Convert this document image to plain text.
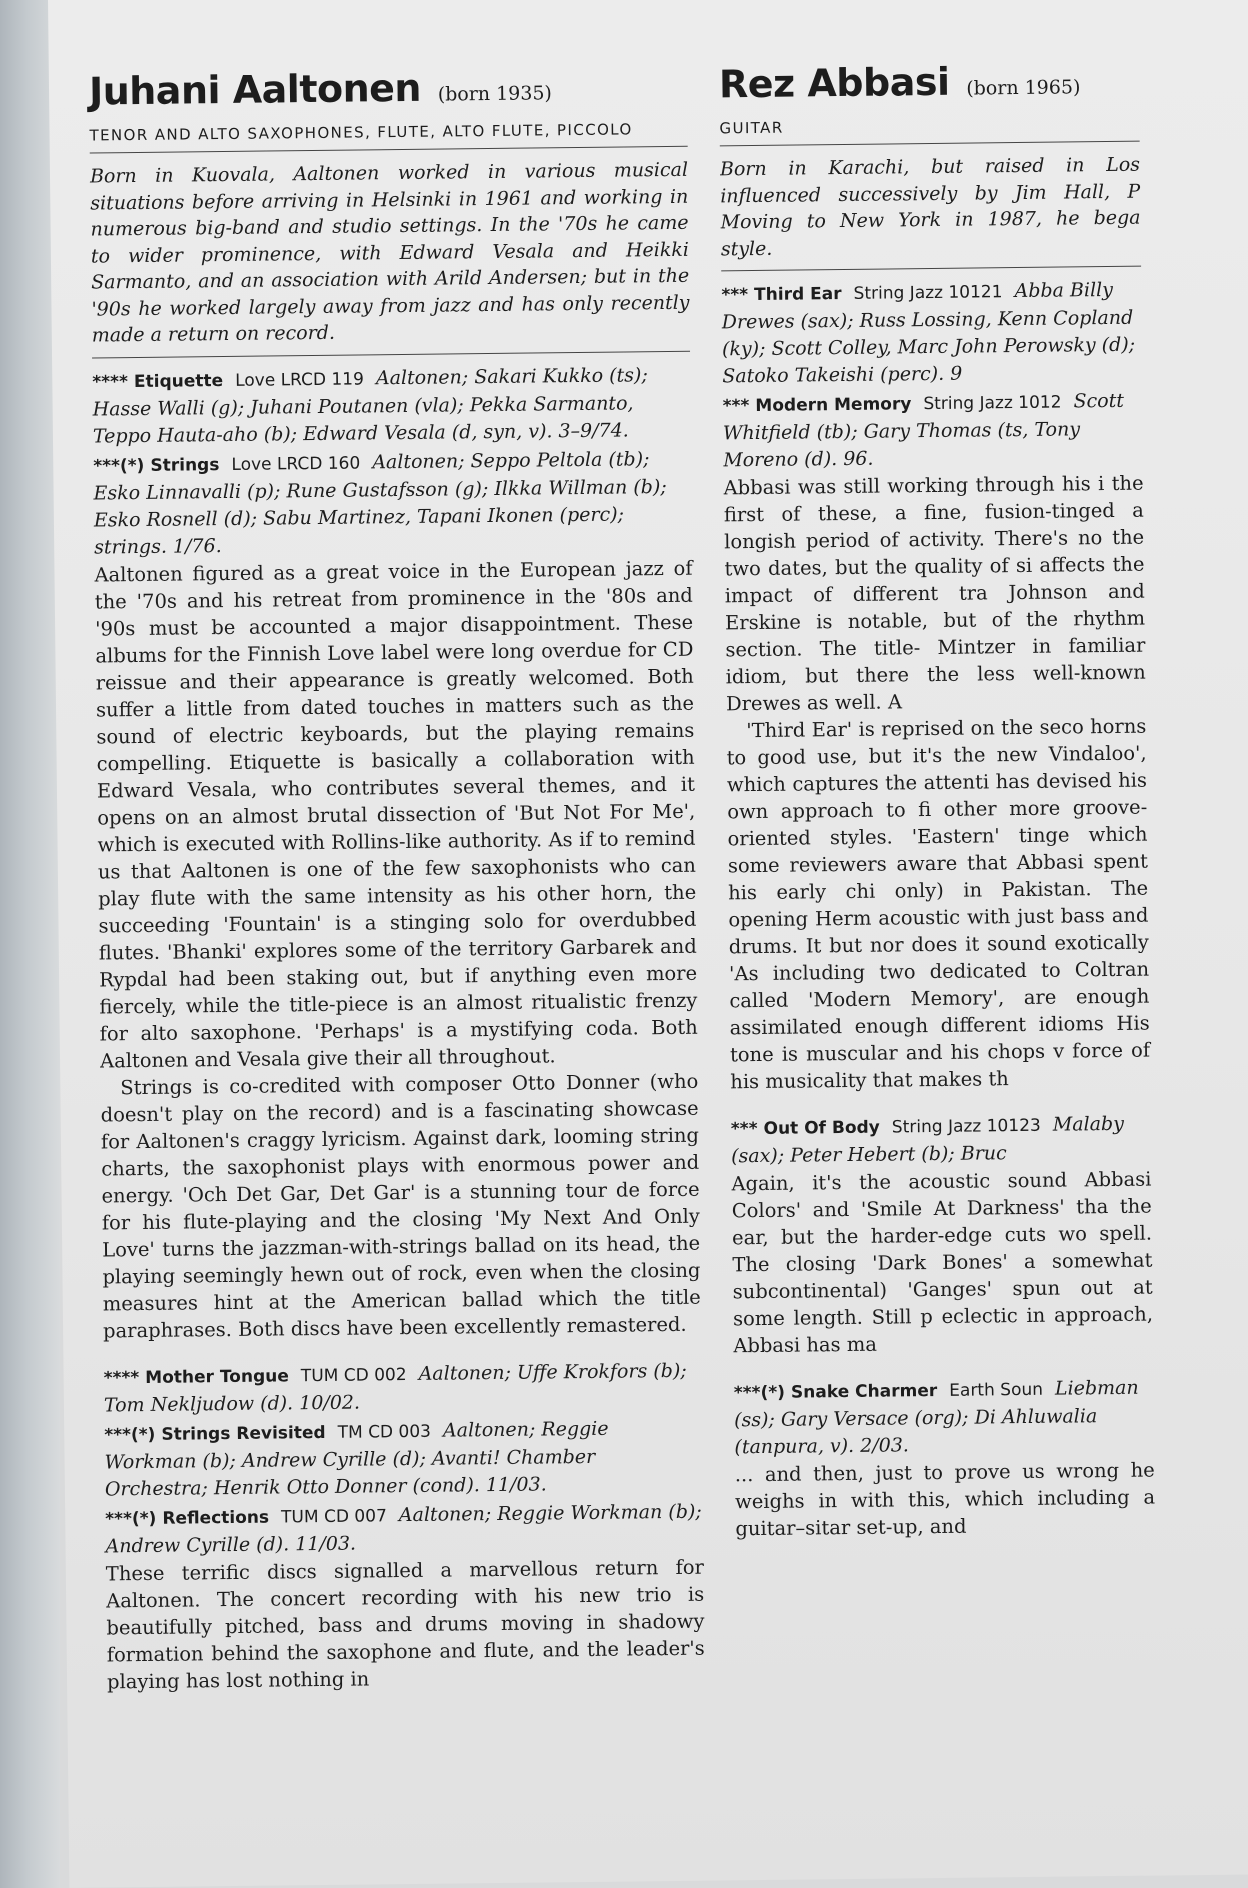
Juhani Aaltonen (born 1935)
TENOR AND ALTO SAXOPHONES, FLUTE, ALTO FLUTE, PICCOLO

Born in Kuovala, Aaltonen worked in various musical situations before arriving in Helsinki in 1961 and working in numerous big-band and studio settings. In the '70s he came to wider prominence, with Edward Vesala and Heikki Sarmanto, and an association with Arild Andersen; but in the '90s he worked largely away from jazz and has only recently made a return on record.

**** Etiquette Love LRCD 119 Aaltonen; Sakari Kukko (ts); Hasse Walli (g); Juhani Poutanen (vla); Pekka Sarmanto, Teppo Hauta-aho (b); Edward Vesala (d, syn, v). 3–9/74.
***(*) Strings Love LRCD 160 Aaltonen; Seppo Peltola (tb); Esko Linnavalli (p); Rune Gustafsson (g); Ilkka Willman (b); Esko Rosnell (d); Sabu Martinez, Tapani Ikonen (perc); strings. 1/76.

Aaltonen figured as a great voice in the European jazz of the '70s and his retreat from prominence in the '80s and '90s must be accounted a major disappointment. These albums for the Finnish Love label were long overdue for CD reissue and their appearance is greatly welcomed. Both suffer a little from dated touches in matters such as the sound of electric keyboards, but the playing remains compelling. Etiquette is basically a collaboration with Edward Vesala, who contributes several themes, and it opens on an almost brutal dissection of 'But Not For Me', which is executed with Rollins-like authority. As if to remind us that Aaltonen is one of the few saxophonists who can play flute with the same intensity as his other horn, the succeeding 'Fountain' is a stinging solo for overdubbed flutes. 'Bhanki' explores some of the territory Garbarek and Rypdal had been staking out, but if anything even more fiercely, while the title-piece is an almost ritualistic frenzy for alto saxophone. 'Perhaps' is a mystifying coda. Both Aaltonen and Vesala give their all throughout.

Strings is co-credited with composer Otto Donner (who doesn't play on the record) and is a fascinating showcase for Aaltonen's craggy lyricism. Against dark, looming string charts, the saxophonist plays with enormous power and energy. 'Och Det Gar, Det Gar' is a stunning tour de force for his flute-playing and the closing 'My Next And Only Love' turns the jazzman-with-strings ballad on its head, the playing seemingly hewn out of rock, even when the closing measures hint at the American ballad which the title paraphrases. Both discs have been excellently remastered.

**** Mother Tongue TUM CD 002 Aaltonen; Uffe Krokfors (b); Tom Nekljudow (d). 10/02.
***(*) Strings Revisited TM CD 003 Aaltonen; Reggie Workman (b); Andrew Cyrille (d); Avanti! Chamber Orchestra; Henrik Otto Donner (cond). 11/03.
***(*) Reflections TUM CD 007 Aaltonen; Reggie Workman (b); Andrew Cyrille (d). 11/03.

These terrific discs signalled a marvellous return for Aaltonen. The concert recording with his new trio is beautifully pitched, bass and drums moving in shadowy formation behind the saxophone and flute, and the leader's playing has lost nothing in

Rez Abbasi (born 1965)
GUITAR

Born in Karachi, but raised in Los influenced successively by Jim Hall, P Moving to New York in 1987, he bega style.

*** Third Ear String Jazz 10121 Abba Billy Drewes (sax); Russ Lossing, Kenn Copland (ky); Scott Colley, Marc John Perowsky (d); Satoko Takeishi (perc). 9
*** Modern Memory String Jazz 1012 Scott Whitfield (tb); Gary Thomas (ts, Tony Moreno (d). 96.

Abbasi was still working through his i the first of these, a fine, fusion-tinged a longish period of activity. There's no the two dates, but the quality of si affects the impact of different tra Johnson and Erskine is notable, but of the rhythm section. The title- Mintzer in familiar idiom, but there the less well-known Drewes as well. A

'Third Ear' is reprised on the seco horns to good use, but it's the new Vindaloo', which captures the attenti has devised his own approach to fi other more groove-oriented styles. 'Eastern' tinge which some reviewers aware that Abbasi spent his early chi only) in Pakistan. The opening Herm acoustic with just bass and drums. It but nor does it sound exotically 'As including two dedicated to Coltran called 'Modern Memory', are enough assimilated enough different idioms His tone is muscular and his chops v force of his musicality that makes th

*** Out Of Body String Jazz 10123 Malaby (sax); Peter Hebert (b); Bruc

Again, it's the acoustic sound Abbasi Colors' and 'Smile At Darkness' tha the ear, but the harder-edge cuts wo spell. The closing 'Dark Bones' a somewhat subcontinental) 'Ganges' spun out at some length. Still p eclectic in approach, Abbasi has ma

***(*) Snake Charmer Earth Soun Liebman (ss); Gary Versace (org); Di Ahluwalia (tanpura, v). 2/03.

... and then, just to prove us wrong he weighs in with this, which including a guitar–sitar set-up, and
